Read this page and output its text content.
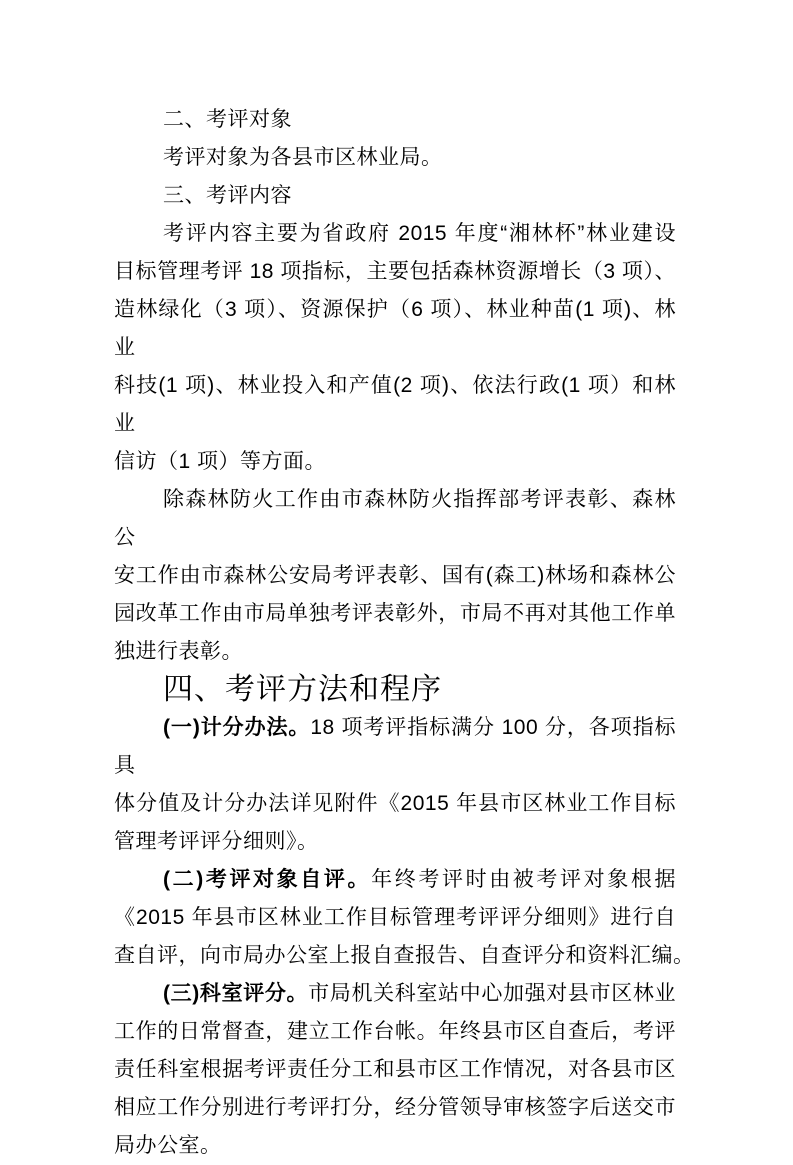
二、考评对象
考评对象为各县市区林业局。
三、考评内容
考评内容主要为省政府 2015 年度“湘林杯”林业建设
目标管理考评 18 项指标，主要包括森林资源增长（3 项）、
造林绿化（3 项）、资源保护（6 项）、林业种苗(1 项)、林业
科技(1 项)、林业投入和产值(2 项)、依法行政(1 项）和林业
信访（1 项）等方面。
除森林防火工作由市森林防火指挥部考评表彰、森林公
安工作由市森林公安局考评表彰、国有(森工)林场和森林公
园改革工作由市局单独考评表彰外，市局不再对其他工作单
独进行表彰。
四、考评方法和程序
(一)计分办法。18 项考评指标满分 100 分，各项指标具
体分值及计分办法详见附件《2015 年县市区林业工作目标
管理考评评分细则》。
(二)考评对象自评。年终考评时由被考评对象根据
《2015 年县市区林业工作目标管理考评评分细则》进行自
查自评，向市局办公室上报自查报告、自查评分和资料汇编。
(三)科室评分。市局机关科室站中心加强对县市区林业
工作的日常督查，建立工作台帐。年终县市区自查后，考评
责任科室根据考评责任分工和县市区工作情况，对各县市区
相应工作分别进行考评打分，经分管领导审核签字后送交市
局办公室。
